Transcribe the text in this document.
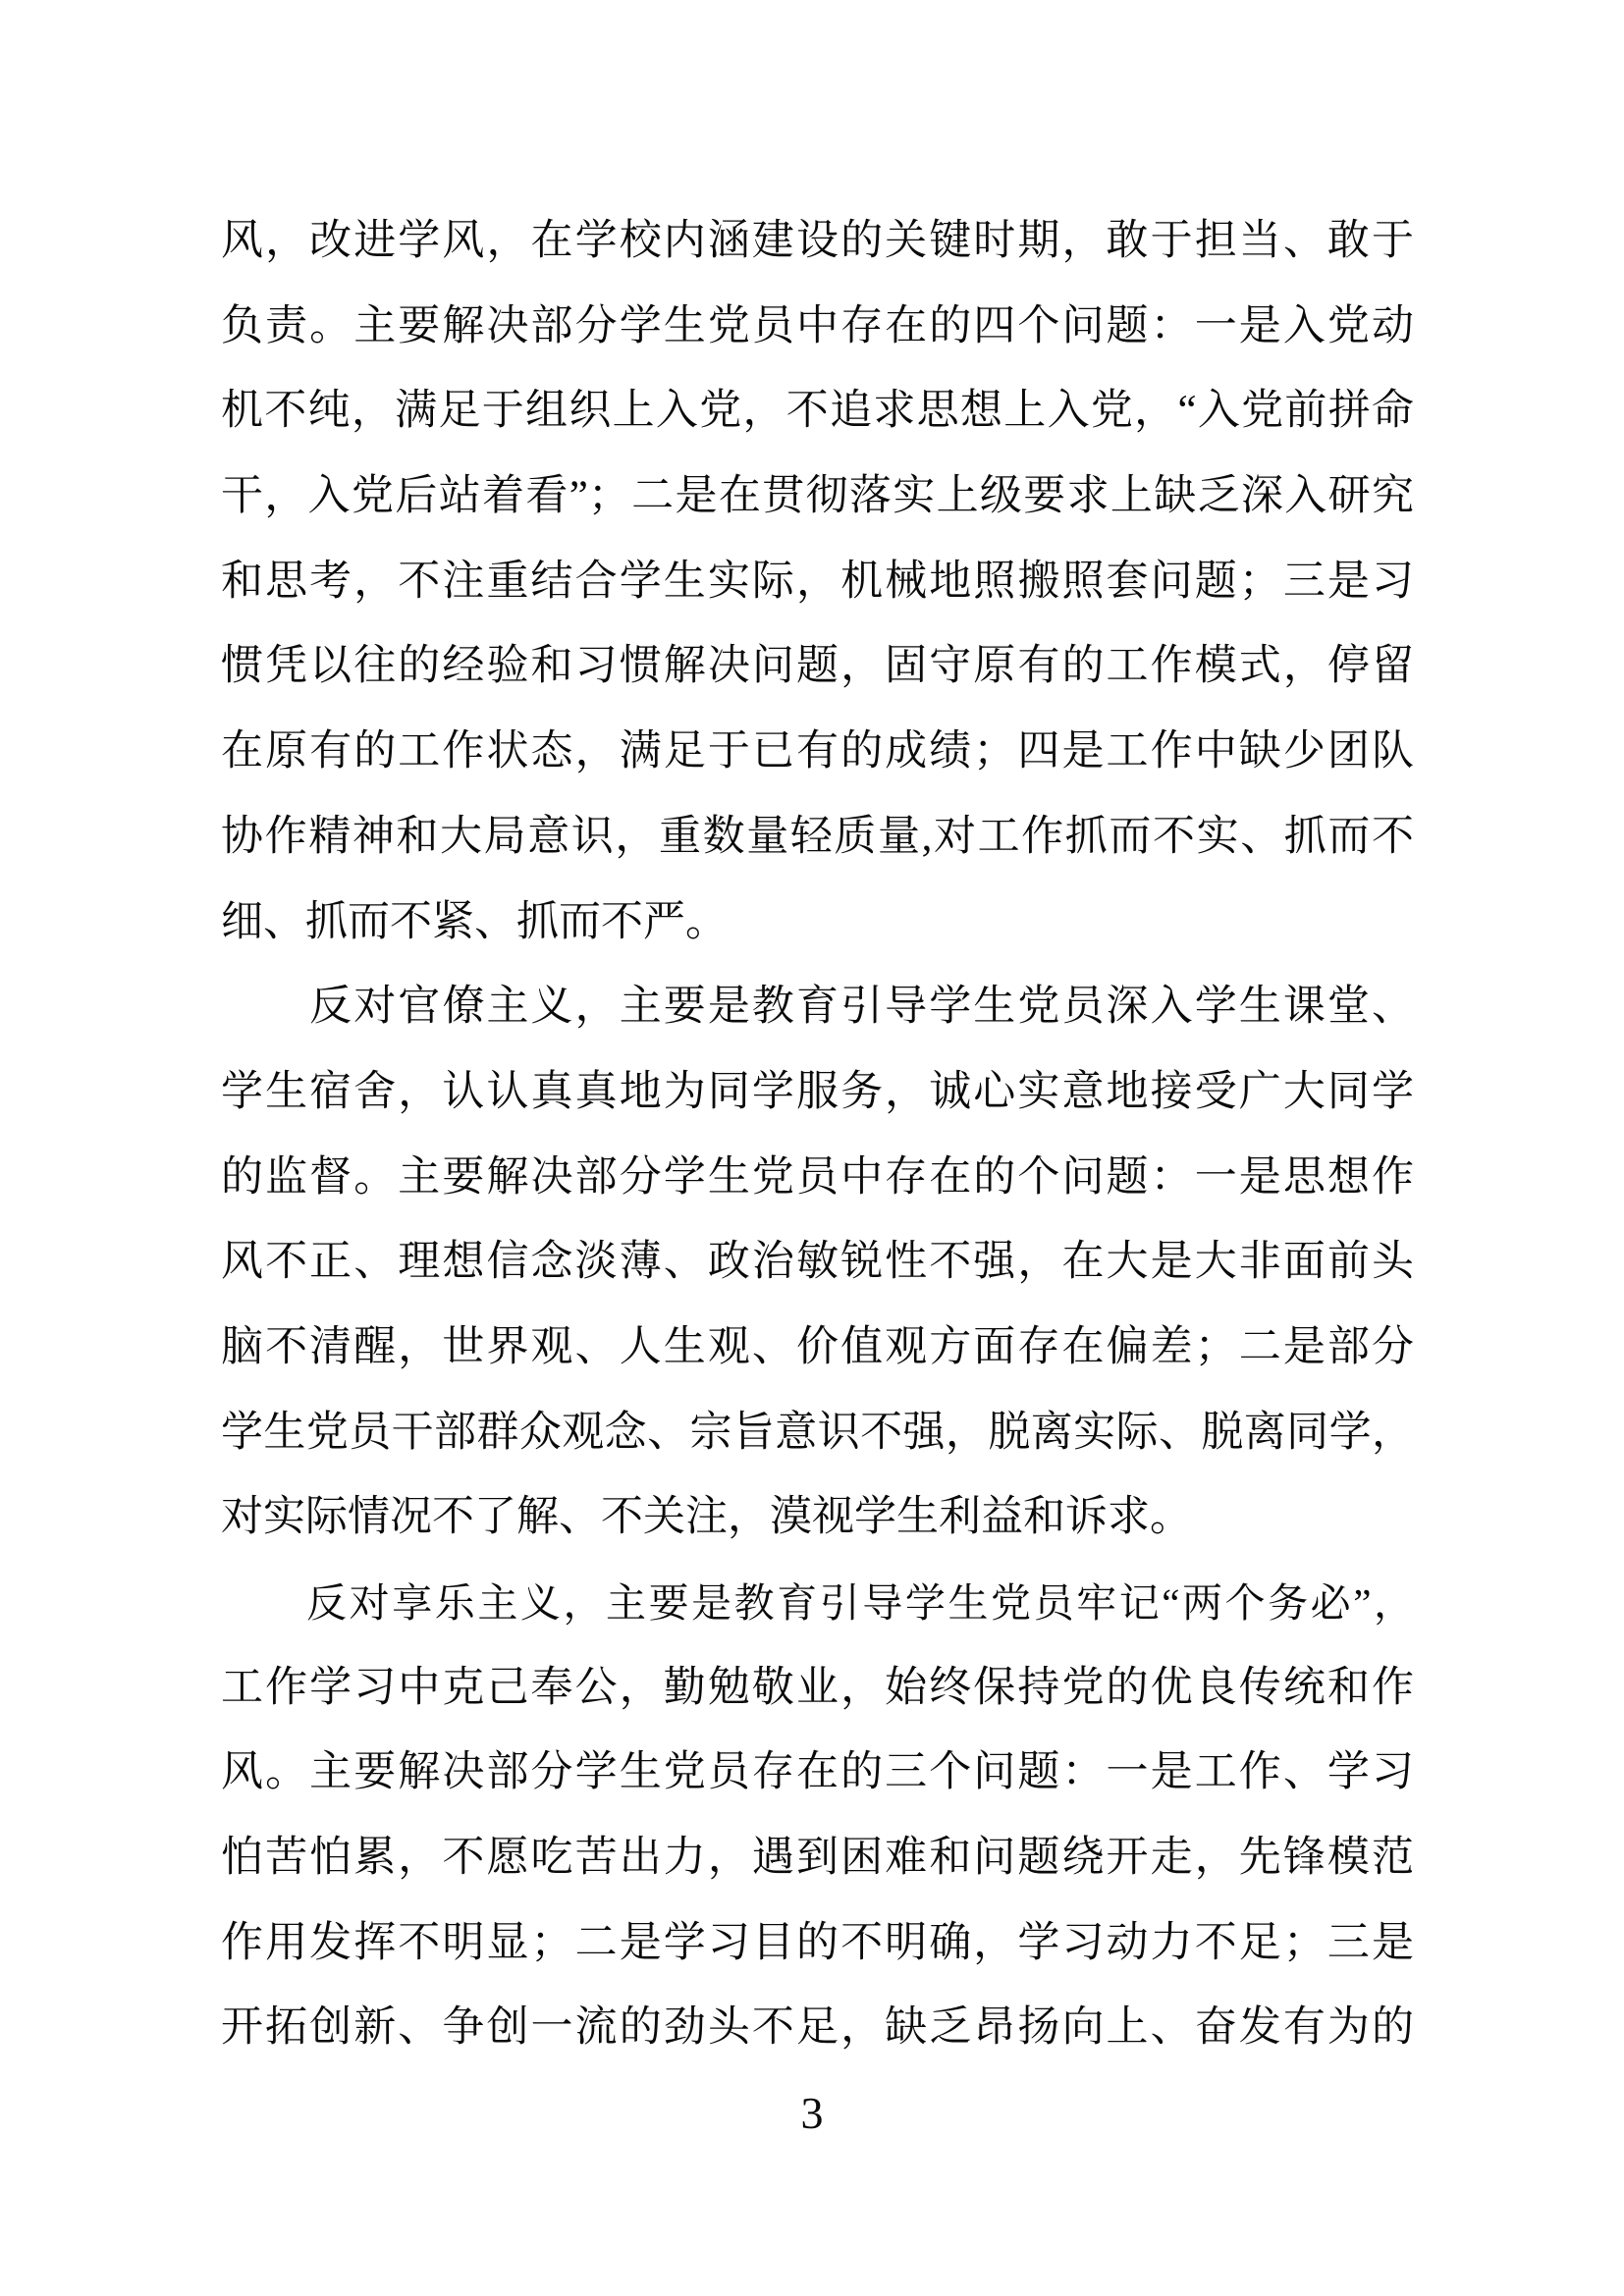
风，改进学风，在学校内涵建设的关键时期，敢于担当、敢于
负责。主要解决部分学生党员中存在的四个问题：一是入党动
机不纯，满足于组织上入党，不追求思想上入党，“入党前拼命
干，入党后站着看”；二是在贯彻落实上级要求上缺乏深入研究
和思考，不注重结合学生实际，机械地照搬照套问题；三是习
惯凭以往的经验和习惯解决问题，固守原有的工作模式，停留
在原有的工作状态，满足于已有的成绩；四是工作中缺少团队
协作精神和大局意识，重数量轻质量,对工作抓而不实、抓而不
细、抓而不紧、抓而不严。
　　反对官僚主义，主要是教育引导学生党员深入学生课堂、
学生宿舍，认认真真地为同学服务，诚心实意地接受广大同学
的监督。主要解决部分学生党员中存在的个问题：一是思想作
风不正、理想信念淡薄、政治敏锐性不强，在大是大非面前头
脑不清醒，世界观、人生观、价值观方面存在偏差；二是部分
学生党员干部群众观念、宗旨意识不强，脱离实际、脱离同学，
对实际情况不了解、不关注，漠视学生利益和诉求。
　　反对享乐主义，主要是教育引导学生党员牢记“两个务必”，
工作学习中克己奉公，勤勉敬业，始终保持党的优良传统和作
风。主要解决部分学生党员存在的三个问题：一是工作、学习
怕苦怕累，不愿吃苦出力，遇到困难和问题绕开走，先锋模范
作用发挥不明显；二是学习目的不明确，学习动力不足；三是
开拓创新、争创一流的劲头不足，缺乏昂扬向上、奋发有为的
3
